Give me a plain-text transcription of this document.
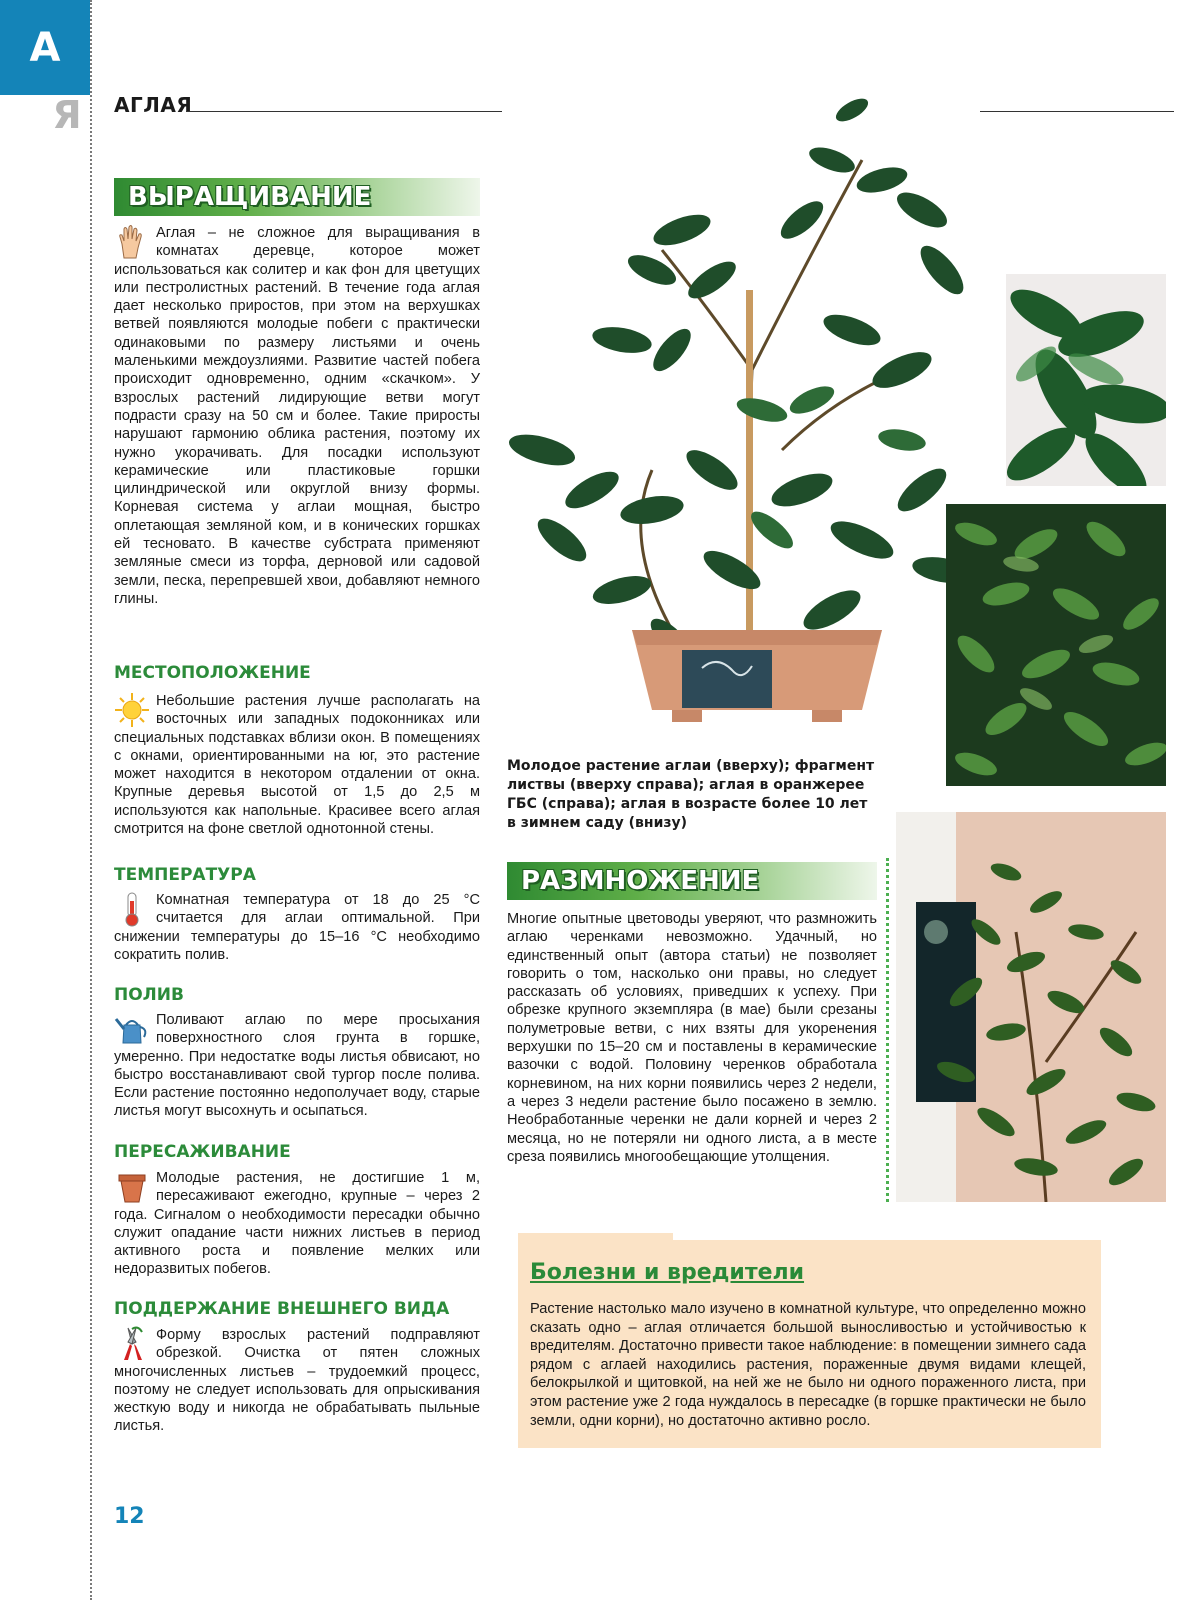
А
Я АГЛАЯ
ВЫРАЩИВАНИЕ
Аглая – не сложное для выращивания в комнатах деревце, которое может использоваться как солитер и как фон для цветущих или пестролистных растений. В течение года аглая дает несколько приростов, при этом на верхушках ветвей появляются молодые побеги с практически одинаковыми по размеру листьями и очень маленькими междоузлиями. Развитие частей побега происходит одновременно, одним «скачком». У взрослых растений лидирующие ветви могут подрасти сразу на 50 см и более. Такие приросты нарушают гармонию облика растения, поэтому их нужно укорачивать. Для посадки используют керамические или пластиковые горшки цилиндрической или округлой внизу формы. Корневая система у аглаи мощная, быстро оплетающая земляной ком, и в конических горшках ей тесновато. В качестве субстрата применяют земляные смеси из торфа, дерновой или садовой земли, песка, перепревшей хвои, добавляют немного глины.
МЕСТОПОЛОЖЕНИЕ
Небольшие растения лучше располагать на восточных или западных подоконниках или специальных подставках вблизи окон. В помещениях с окнами, ориентированными на юг, это растение может находится в некотором отдалении от окна. Крупные деревья высотой от 1,5 до 2,5 м используются как напольные. Красивее всего аглая смотрится на фоне светлой однотонной стены.
ТЕМПЕРАТУРА
Комнатная температура от 18 до 25 °С считается для аглаи оптимальной. При снижении температуры до 15–16 °С необходимо сократить полив.
ПОЛИВ
Поливают аглаю по мере просыхания поверхностного слоя грунта в горшке, умеренно. При недостатке воды листья обвисают, но быстро восстанавливают свой тургор после полива. Если растение постоянно недополучает воду, старые листья могут высохнуть и осыпаться.
ПЕРЕСАЖИВАНИЕ
Молодые растения, не достигшие 1 м, пересаживают ежегодно, крупные – через 2 года. Сигналом о необходимости пересадки обычно служит опадание части нижних листьев в период активного роста и появление мелких или недоразвитых побегов.
ПОДДЕРЖАНИЕ ВНЕШНЕГО ВИДА
Форму взрослых растений подправляют обрезкой. Очистка от пятен сложных многочисленных листьев – трудоемкий процесс, поэтому не следует использовать для опрыскивания жесткую воду и никогда не обрабатывать пыльные листья.
Молодое растение аглаи (вверху); фрагмент листвы (вверху справа); аглая в оранжерее ГБС (справа); аглая в возрасте более 10 лет в зимнем саду (внизу)
РАЗМНОЖЕНИЕ
Многие опытные цветоводы уверяют, что размножить аглаю черенками невозможно. Удачный, но единственный опыт (автора статьи) не позволяет говорить о том, насколько они правы, но следует рассказать об условиях, приведших к успеху. При обрезке крупного экземпляра (в мае) были срезаны полуметровые ветви, с них взяты для укоренения верхушки по 15–20 см и поставлены в керамические вазочки с водой. Половину черенков обработала корневином, на них корни появились через 2 недели, а через 3 недели растение было посажено в землю. Необработанные черенки не дали корней и через 2 месяца, но не потеряли ни одного листа, а в месте среза появились многообещающие утолщения.
Болезни и вредители
Растение настолько мало изучено в комнатной культуре, что определенно можно сказать одно – аглая отличается большой выносливостью и устойчивостью к вредителям. Достаточно привести такое наблюдение: в помещении зимнего сада рядом с аглаей находились растения, пораженные двумя видами клещей, белокрылкой и щитовкой, на ней же не было ни одного пораженного листа, при этом растение уже 2 года нуждалось в пересадке (в горшке практически не было земли, одни корни), но достаточно активно росло.
12
